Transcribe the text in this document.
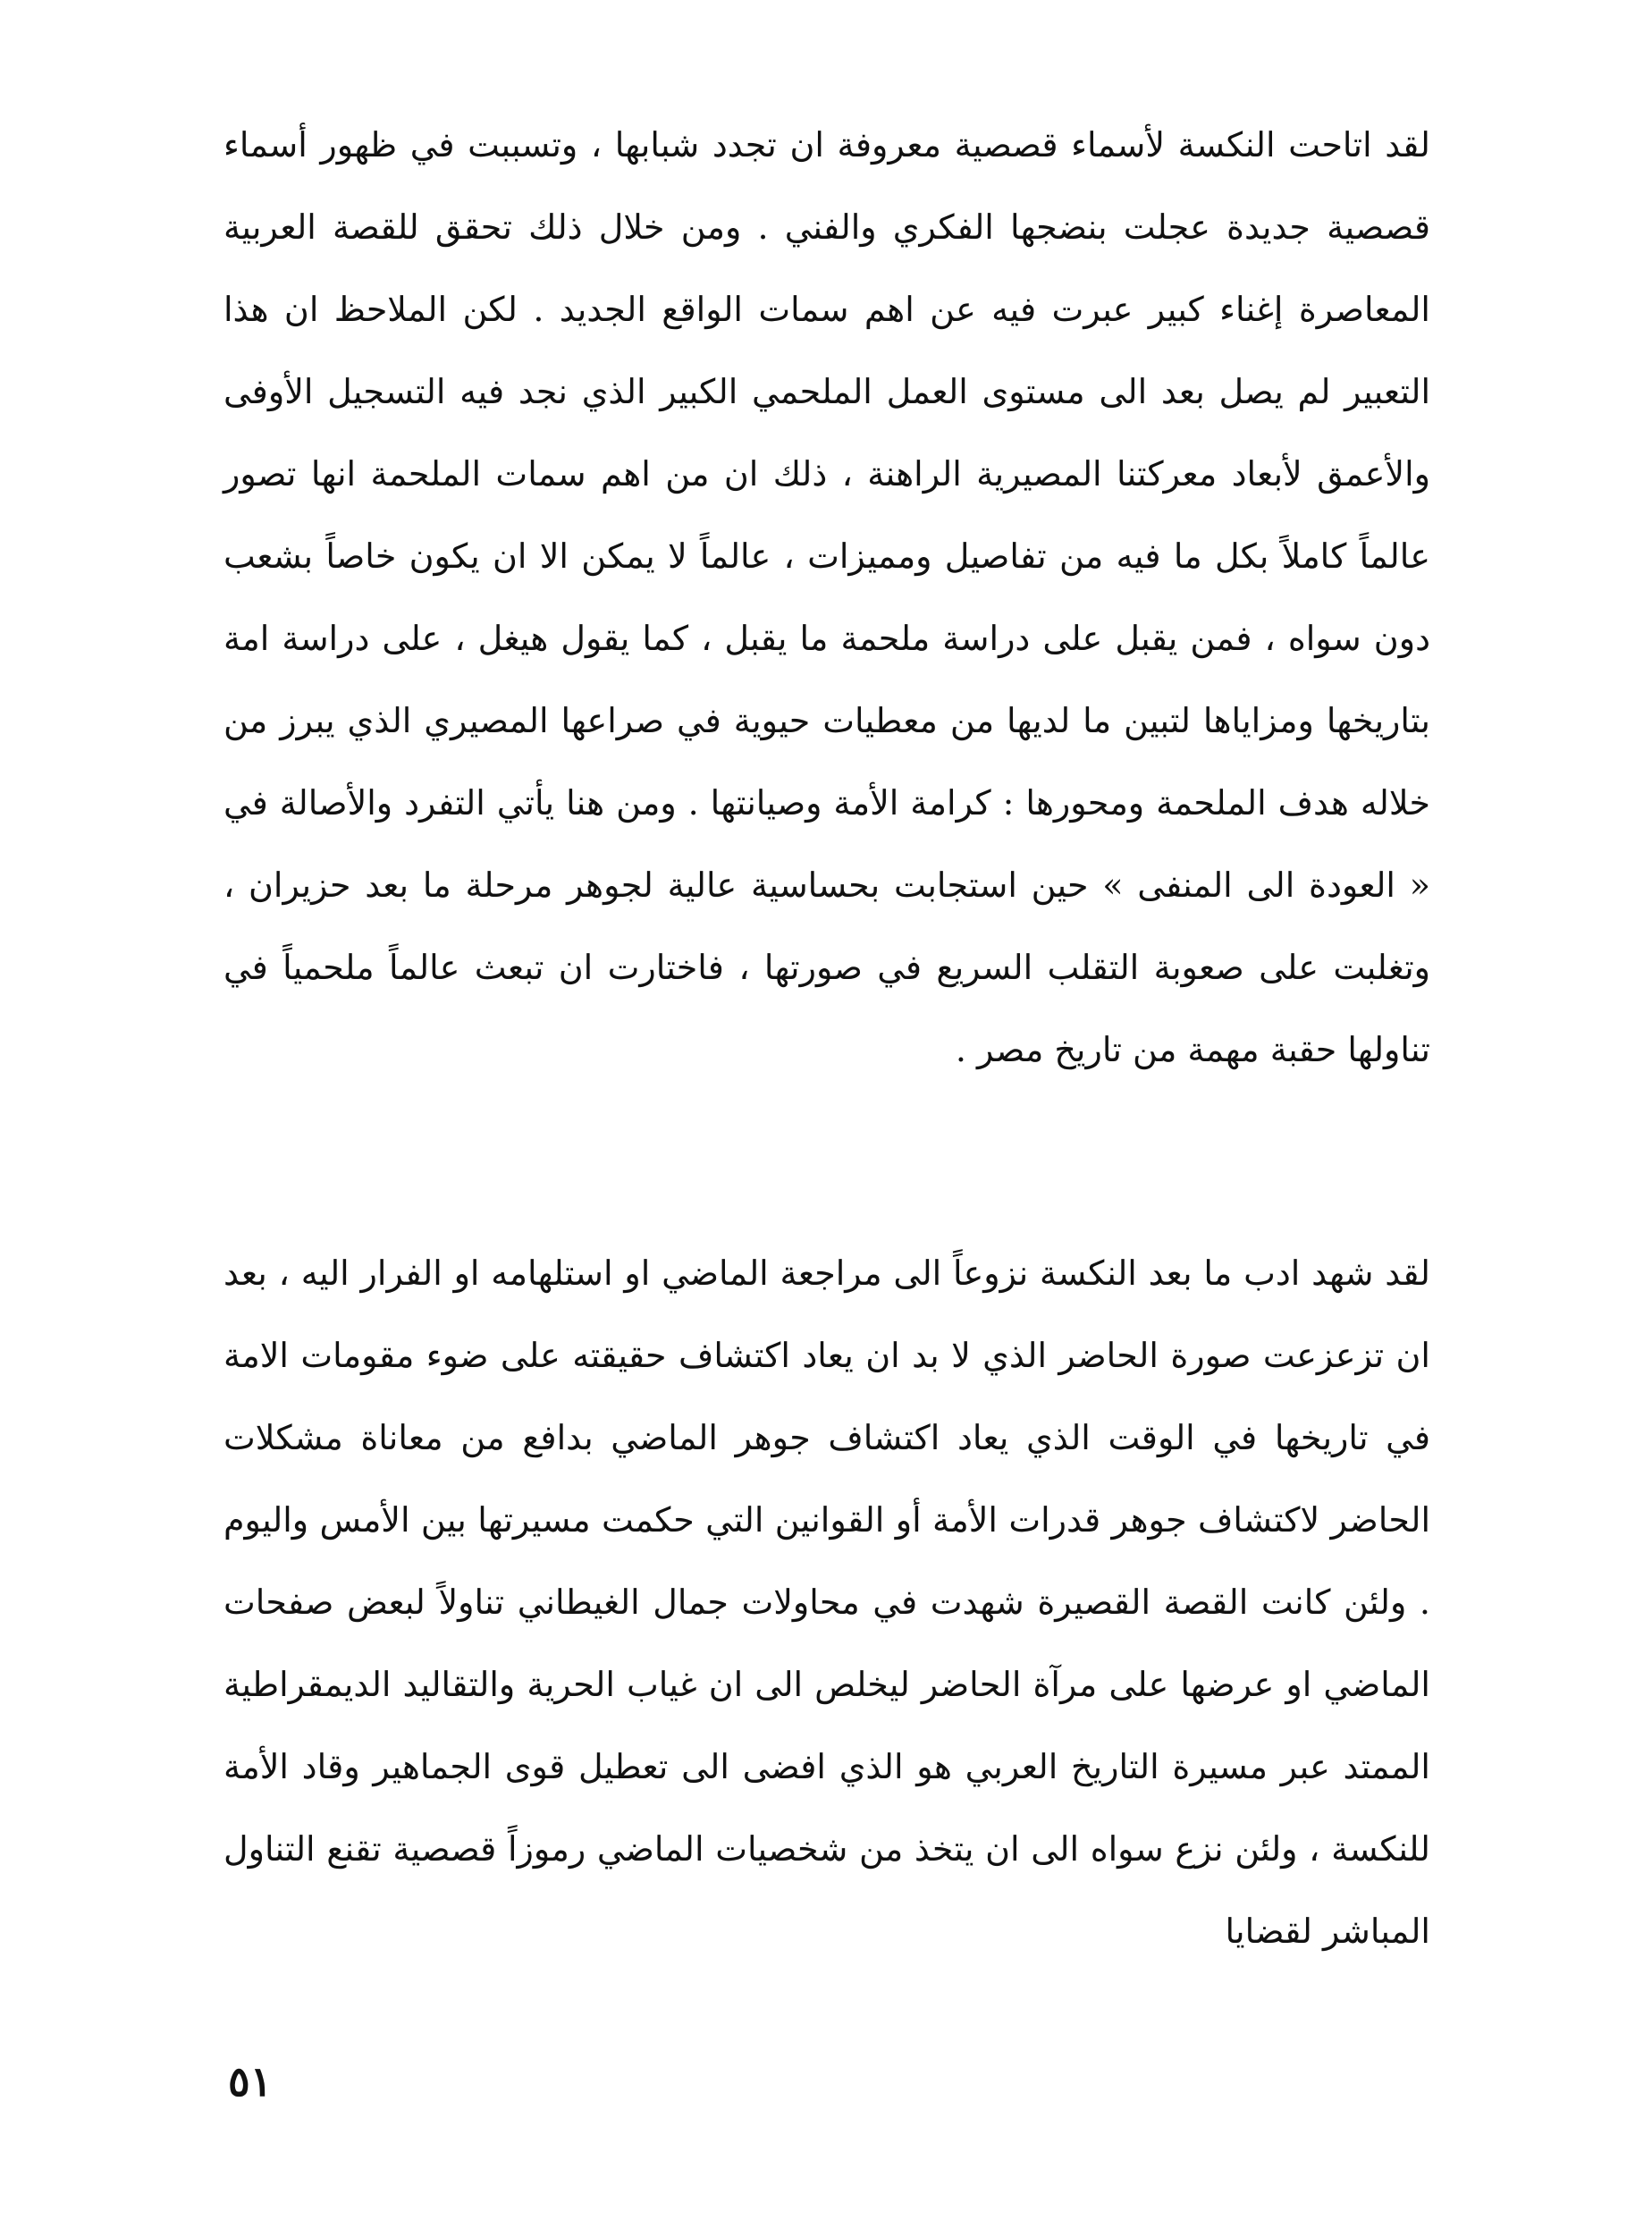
لقد اتاحت النكسة لأسماء قصصية معروفة ان تجدد شبابها ، وتسببت في ظهور أسماء قصصية جديدة عجلت بنضجها الفكري والفني . ومن خلال ذلك تحقق للقصة العربية المعاصرة إغناء كبير عبرت فيه عن اهم سمات الواقع الجديد . لكن الملاحظ ان هذا التعبير لم يصل بعد الى مستوى العمل الملحمي الكبير الذي نجد فيه التسجيل الأوفى والأعمق لأبعاد معركتنا المصيرية الراهنة ، ذلك ان من اهم سمات الملحمة انها تصور عالماً كاملاً بكل ما فيه من تفاصيل ومميزات ، عالماً لا يمكن الا ان يكون خاصاً بشعب دون سواه ، فمن يقبل على دراسة ملحمة ما يقبل ، كما يقول هيغل ، على دراسة امة بتاريخها ومزاياها لتبين ما لديها من معطيات حيوية في صراعها المصيري الذي يبرز من خلاله هدف الملحمة ومحورها : كرامة الأمة وصيانتها . ومن هنا يأتي التفرد والأصالة في « العودة الى المنفى » حين استجابت بحساسية عالية لجوهر مرحلة ما بعد حزيران ، وتغلبت على صعوبة التقلب السريع في صورتها ، فاختارت ان تبعث عالماً ملحمياً في تناولها حقبة مهمة من تاريخ مصر .

لقد شهد ادب ما بعد النكسة نزوعاً الى مراجعة الماضي او استلهامه او الفرار اليه ، بعد ان تزعزعت صورة الحاضر الذي لا بد ان يعاد اكتشاف حقيقته على ضوء مقومات الامة في تاريخها في الوقت الذي يعاد اكتشاف جوهر الماضي بدافع من معاناة مشكلات الحاضر لاكتشاف جوهر قدرات الأمة أو القوانين التي حكمت مسيرتها بين الأمس واليوم . ولئن كانت القصة القصيرة شهدت في محاولات جمال الغيطاني تناولاً لبعض صفحات الماضي او عرضها على مرآة الحاضر ليخلص الى ان غياب الحرية والتقاليد الديمقراطية الممتد عبر مسيرة التاريخ العربي هو الذي افضى الى تعطيل قوى الجماهير وقاد الأمة للنكسة ، ولئن نزع سواه الى ان يتخذ من شخصيات الماضي رموزاً قصصية تقنع التناول المباشر لقضايا

٥١
